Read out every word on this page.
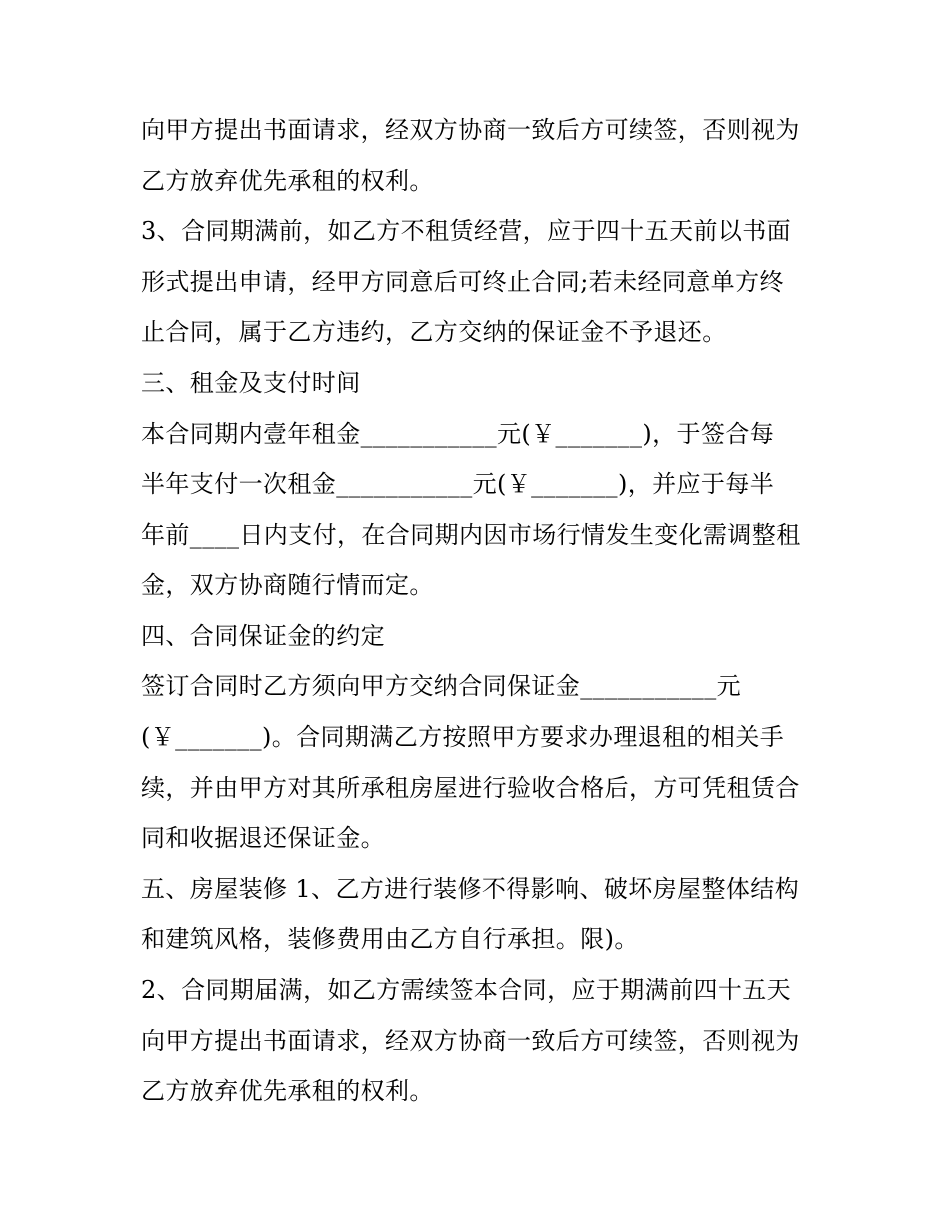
向甲方提出书面请求，经双方协商一致后方可续签，否则视为
乙方放弃优先承租的权利。
3、合同期满前，如乙方不租赁经营，应于四十五天前以书面
形式提出申请，经甲方同意后可终止合同;若未经同意单方终
止合同，属于乙方违约，乙方交纳的保证金不予退还。
三、租金及支付时间
本合同期内壹年租金___________元(￥_______)，于签合每
半年支付一次租金___________元(￥_______)，并应于每半
年前____日内支付，在合同期内因市场行情发生变化需调整租
金，双方协商随行情而定。
四、合同保证金的约定
签订合同时乙方须向甲方交纳合同保证金___________元
(￥_______)。合同期满乙方按照甲方要求办理退租的相关手
续，并由甲方对其所承租房屋进行验收合格后，方可凭租赁合
同和收据退还保证金。
五、房屋装修 1、乙方进行装修不得影响、破坏房屋整体结构
和建筑风格，装修费用由乙方自行承担。限)。
2、合同期届满，如乙方需续签本合同，应于期满前四十五天
向甲方提出书面请求，经双方协商一致后方可续签，否则视为
乙方放弃优先承租的权利。
